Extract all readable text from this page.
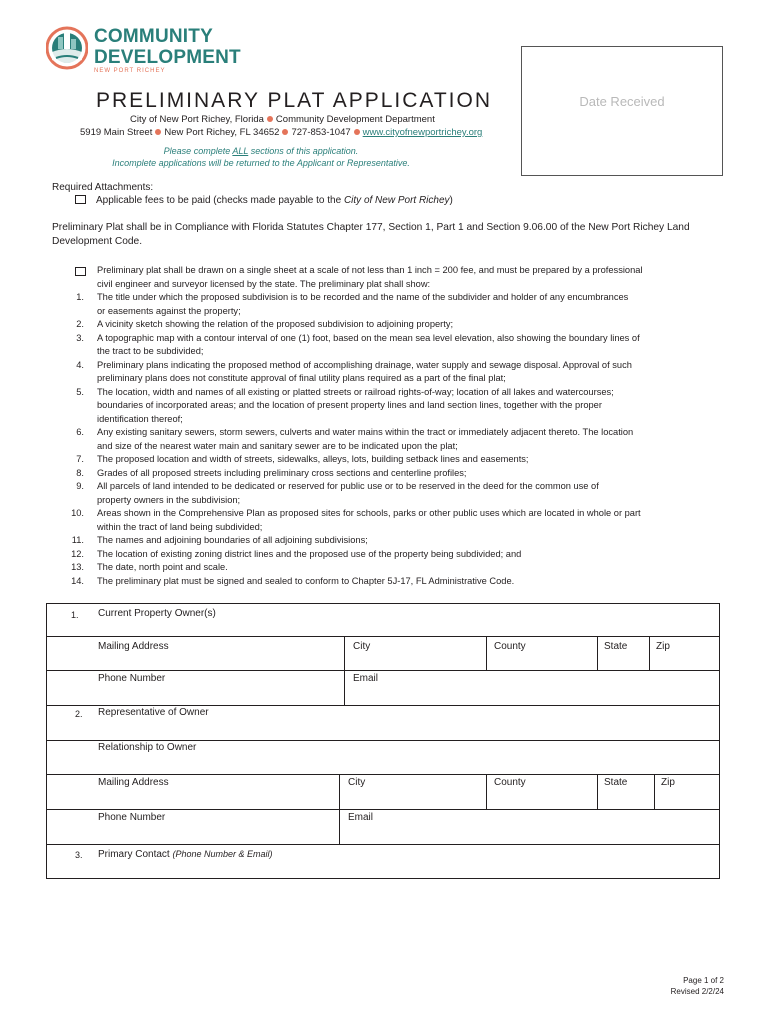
COMMUNITY
DEVELOPMENT
NEW PORT RICHEY
Date Received
PRELIMINARY PLAT APPLICATION
City of New Port Richey, Florida Community Development Department
5919 Main Street New Port Richey, FL 34652 727-853-1047 www.cityofnewportrichey.org
Please complete ALL sections of this application.
Incomplete applications will be returned to the Applicant or Representative.
Required Attachments:
Applicable fees to be paid (checks made payable to the City of New Port Richey)
Preliminary Plat shall be in Compliance with Florida Statutes Chapter 177, Section 1, Part 1 and Section 9.06.00 of the New Port Richey Land Development Code.
Preliminary plat shall be drawn on a single sheet at a scale of not less than 1 inch = 200 fee, and must be prepared by a professional
civil engineer and surveyor licensed by the state. The preliminary plat shall show:
1. The title under which the proposed subdivision is to be recorded and the name of the subdivider and holder of any encumbrances
or easements against the property;
2. A vicinity sketch showing the relation of the proposed subdivision to adjoining property;
3. A topographic map with a contour interval of one (1) foot, based on the mean sea level elevation, also showing the boundary lines of
the tract to be subdivided;
4. Preliminary plans indicating the proposed method of accomplishing drainage, water supply and sewage disposal. Approval of such
preliminary plans does not constitute approval of final utility plans required as a part of the final plat;
5. The location, width and names of all existing or platted streets or railroad rights-of-way; location of all lakes and watercourses;
boundaries of incorporated areas; and the location of present property lines and land section lines, together with the proper
identification thereof;
6. Any existing sanitary sewers, storm sewers, culverts and water mains within the tract or immediately adjacent thereto. The location
and size of the nearest water main and sanitary sewer are to be indicated upon the plat;
7. The proposed location and width of streets, sidewalks, alleys, lots, building setback lines and easements;
8. Grades of all proposed streets including preliminary cross sections and centerline profiles;
9. All parcels of land intended to be dedicated or reserved for public use or to be reserved in the deed for the common use of
property owners in the subdivision;
10. Areas shown in the Comprehensive Plan as proposed sites for schools, parks or other public uses which are located in whole or part
within the tract of land being subdivided;
11. The names and adjoining boundaries of all adjoining subdivisions;
12. The location of existing zoning district lines and the proposed use of the property being subdivided; and
13. The date, north point and scale.
14. The preliminary plat must be signed and sealed to conform to Chapter 5J-17, FL Administrative Code.
1. Current Property Owner(s)
Mailing Address	City	County	State	Zip
Phone Number	Email
2. Representative of Owner
Relationship to Owner
Mailing Address	City	County	State	Zip
Phone Number	Email
3. Primary Contact (Phone Number & Email)
Page 1 of 2
Revised 2/2/24
